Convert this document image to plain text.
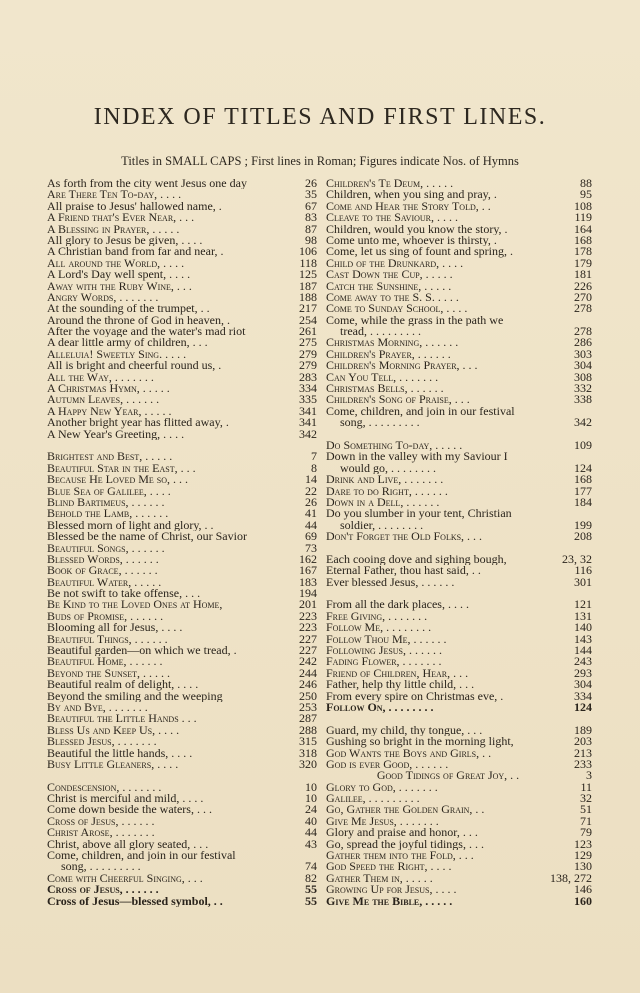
INDEX OF TITLES AND FIRST LINES.
Titles in SMALL CAPS ; First lines in Roman; Figures indicate Nos. of Hymns
As forth from the city went Jesus one day	26
Are There Ten To-day, . . . .	35
All praise to Jesus' hallowed name, .	67
A Friend that's Ever Near, . . .	83
A Blessing in Prayer, . . . . .	87
All glory to Jesus be given, . . . .	98
A Christian band from far and near, .	106
All around the World, . . . .	118
A Lord's Day well spent, . . . .	125
Away with the Ruby Wine, . . .	187
Angry Words, . . . . . . .	188
At the sounding of the trumpet, . .	217
Around the throne of God in heaven, .	254
After the voyage and the water's mad riot	261
A dear little army of children, . . .	275
Alleluia! Sweetly Sing. . . . .	279
All is bright and cheerful round us, .	279
All the Way, . . . . . . .	283
A Christmas Hymn, . . . . .	334
Autumn Leaves, . . . . . .	335
A Happy New Year, . . . . .	341
Another bright year has flitted away, .	341
A New Year's Greeting, . . . .	342
Brightest and Best, . . . . .	7
Beautiful Star in the East, . . .	8
Because He Loved Me so, . . .	14
Blue Sea of Galilee, . . . .	22
Blind Bartimeus, . . . . . .	26
Behold the Lamb, . . . . . .	41
Blessed morn of light and glory, . .	44
Blessed be the name of Christ, our Savior	69
Beautiful Songs, . . . . . .	73
Blessed Words, . . . . . .	162
Book of Grace, . . . . . .	167
Beautiful Water, . . . . .	183
Be not swift to take offense, . . .	194
Be Kind to the Loved Ones at Home,	201
Buds of Promise, . . . . . .	223
Blooming all for Jesus, . . . .	223
Beautiful Things, . . . . . .	227
Beautiful garden—on which we tread, .	227
Beautiful Home, . . . . . .	242
Beyond the Sunset, . . . . .	244
Beautiful realm of delight, . . . .	246
Beyond the smiling and the weeping	250
By and Bye, . . . . . . .	253
Beautiful the Little Hands . . .	287
Bless Us and Keep Us, . . . .	288
Blessed Jesus, . . . . . . .	315
Beautiful the little hands, . . . .	318
Busy Little Gleaners, . . . .	320
Condescension, . . . . . . .	10
Christ is merciful and mild, . . . .	10
Come down beside the waters, . . .	24
Cross of Jesus, . . . . . .	40
Christ Arose, . . . . . . .	44
Christ, above all glory seated, . . .	43
Come, children, and join in our festival
song, . . . . . . . . .	74
Come with Cheerful Singing, . . .	82
Cross of Jesus, . . . . . .	55
Cross of Jesus—blessed symbol, . .	55
Children's Te Deum, . . . . .	88
Children, when you sing and pray, .	95
Come and Hear the Story Told, . .	108
Cleave to the Saviour, . . . .	119
Children, would you know the story, .	164
Come unto me, whoever is thirsty, .	168
Come, let us sing of fount and spring, .	178
Child of the Drunkard, . . . .	179
Cast Down the Cup, . . . . .	181
Catch the Sunshine, . . . . .	226
Come away to the S. S. . . . .	270
Come to Sunday School, . . . .	278
Come, while the grass in the path we
tread, . . . . . . . . .	278
Christmas Morning, . . . . . .	286
Children's Prayer, . . . . . .	303
Children's Morning Prayer, . . .	304
Can You Tell, . . . . . . .	308
Christmas Bells, . . . . . .	332
Children's Song of Praise, . . .	338
Come, children, and join in our festival
song, . . . . . . . . .	342
Do Something To-day, . . . . .	109
Down in the valley with my Saviour I
would go, . . . . . . . .	124
Drink and Live, . . . . . . .	168
Dare to do Right, . . . . . .	177
Down in a Dell, . . . . . .	184
Do you slumber in your tent, Christian
soldier, . . . . . . . .	199
Don't Forget the Old Folks, . . .	208
Each cooing dove and sighing bough,	23, 32
Eternal Father, thou hast said, . .	116
Ever blessed Jesus, . . . . . .	301
From all the dark places, . . . .	121
Free Giving, . . . . . . .	131
Follow Me, . . . . . . . .	140
Follow Thou Me, . . . . . .	143
Following Jesus, . . . . . .	144
Fading Flower, . . . . . . .	243
Friend of Children, Hear, . . .	293
Father, help thy little child, . . .	304
From every spire on Christmas eve, .	334
Follow On, . . . . . . . .	124
Guard, my child, thy tongue, . . .	189
Gushing so bright in the morning light,	203
God Wants the Boys and Girls, . .	213
God is ever Good, . . . . . .	233
Good Tidings of Great Joy, . .	3
Glory to God, . . . . . . .	11
Galilee, . . . . . . . . .	32
Go, Gather the Golden Grain, . .	51
Give Me Jesus, . . . . . . .	71
Glory and praise and honor, . . .	79
Go, spread the joyful tidings, . . .	123
Gather them into the Fold, . . .	129
God Speed the Right, . . . .	130
Gather Them in, . . . . .	138, 272
Growing Up for Jesus, . . . .	146
Give Me the Bible, . . . . .	160
